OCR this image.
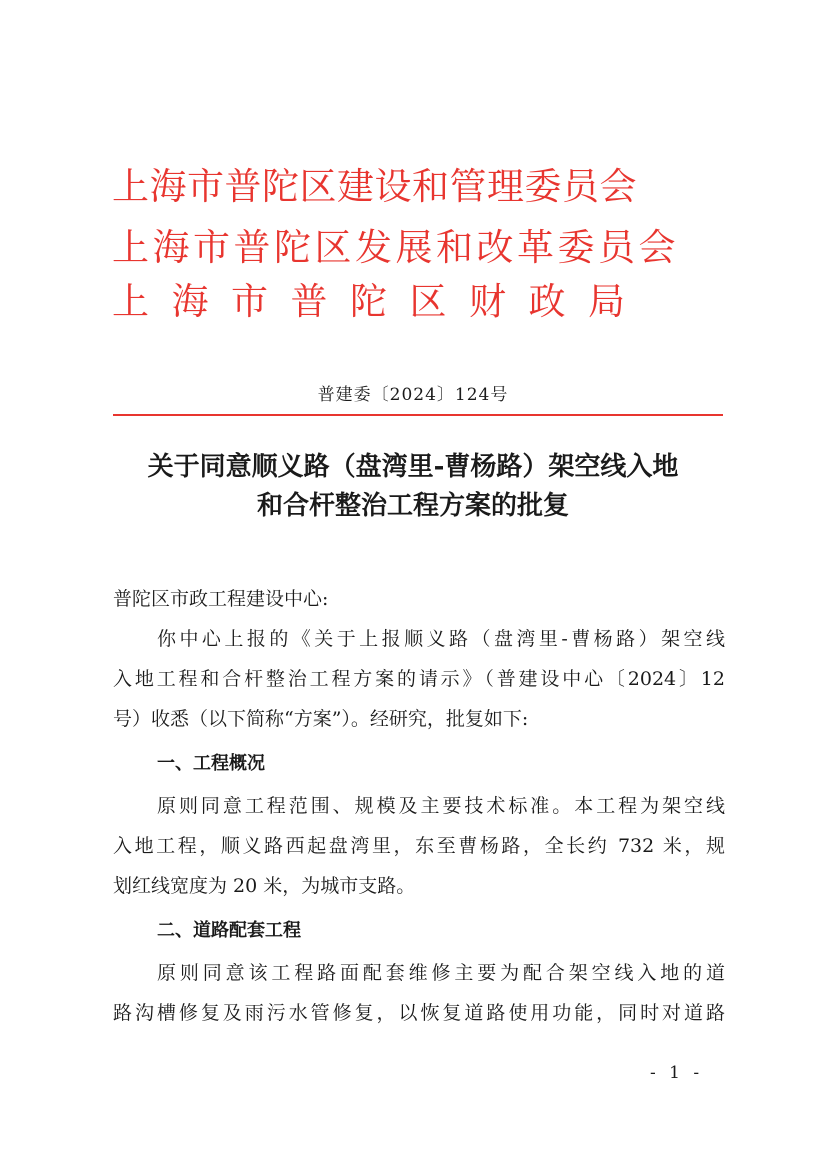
上海市普陀区建设和管理委员会
上海市普陀区发展和改革委员会
上海市普陀区财政局
普建委〔2024〕124号
关于同意顺义路（盘湾里-曹杨路）架空线入地
和合杆整治工程方案的批复
普陀区市政工程建设中心:
你中心上报的《关于上报顺义路（盘湾里-曹杨路）架空线
入地工程和合杆整治工程方案的请示》（普建设中心〔2024〕12
号）收悉（以下简称“方案”）。经研究，批复如下:
一、工程概况
原则同意工程范围、规模及主要技术标准。本工程为架空线
入地工程，顺义路西起盘湾里，东至曹杨路，全长约 732 米，规
划红线宽度为 20 米，为城市支路。
二、道路配套工程
原则同意该工程路面配套维修主要为配合架空线入地的道
路沟槽修复及雨污水管修复，以恢复道路使用功能，同时对道路
- 1 -
